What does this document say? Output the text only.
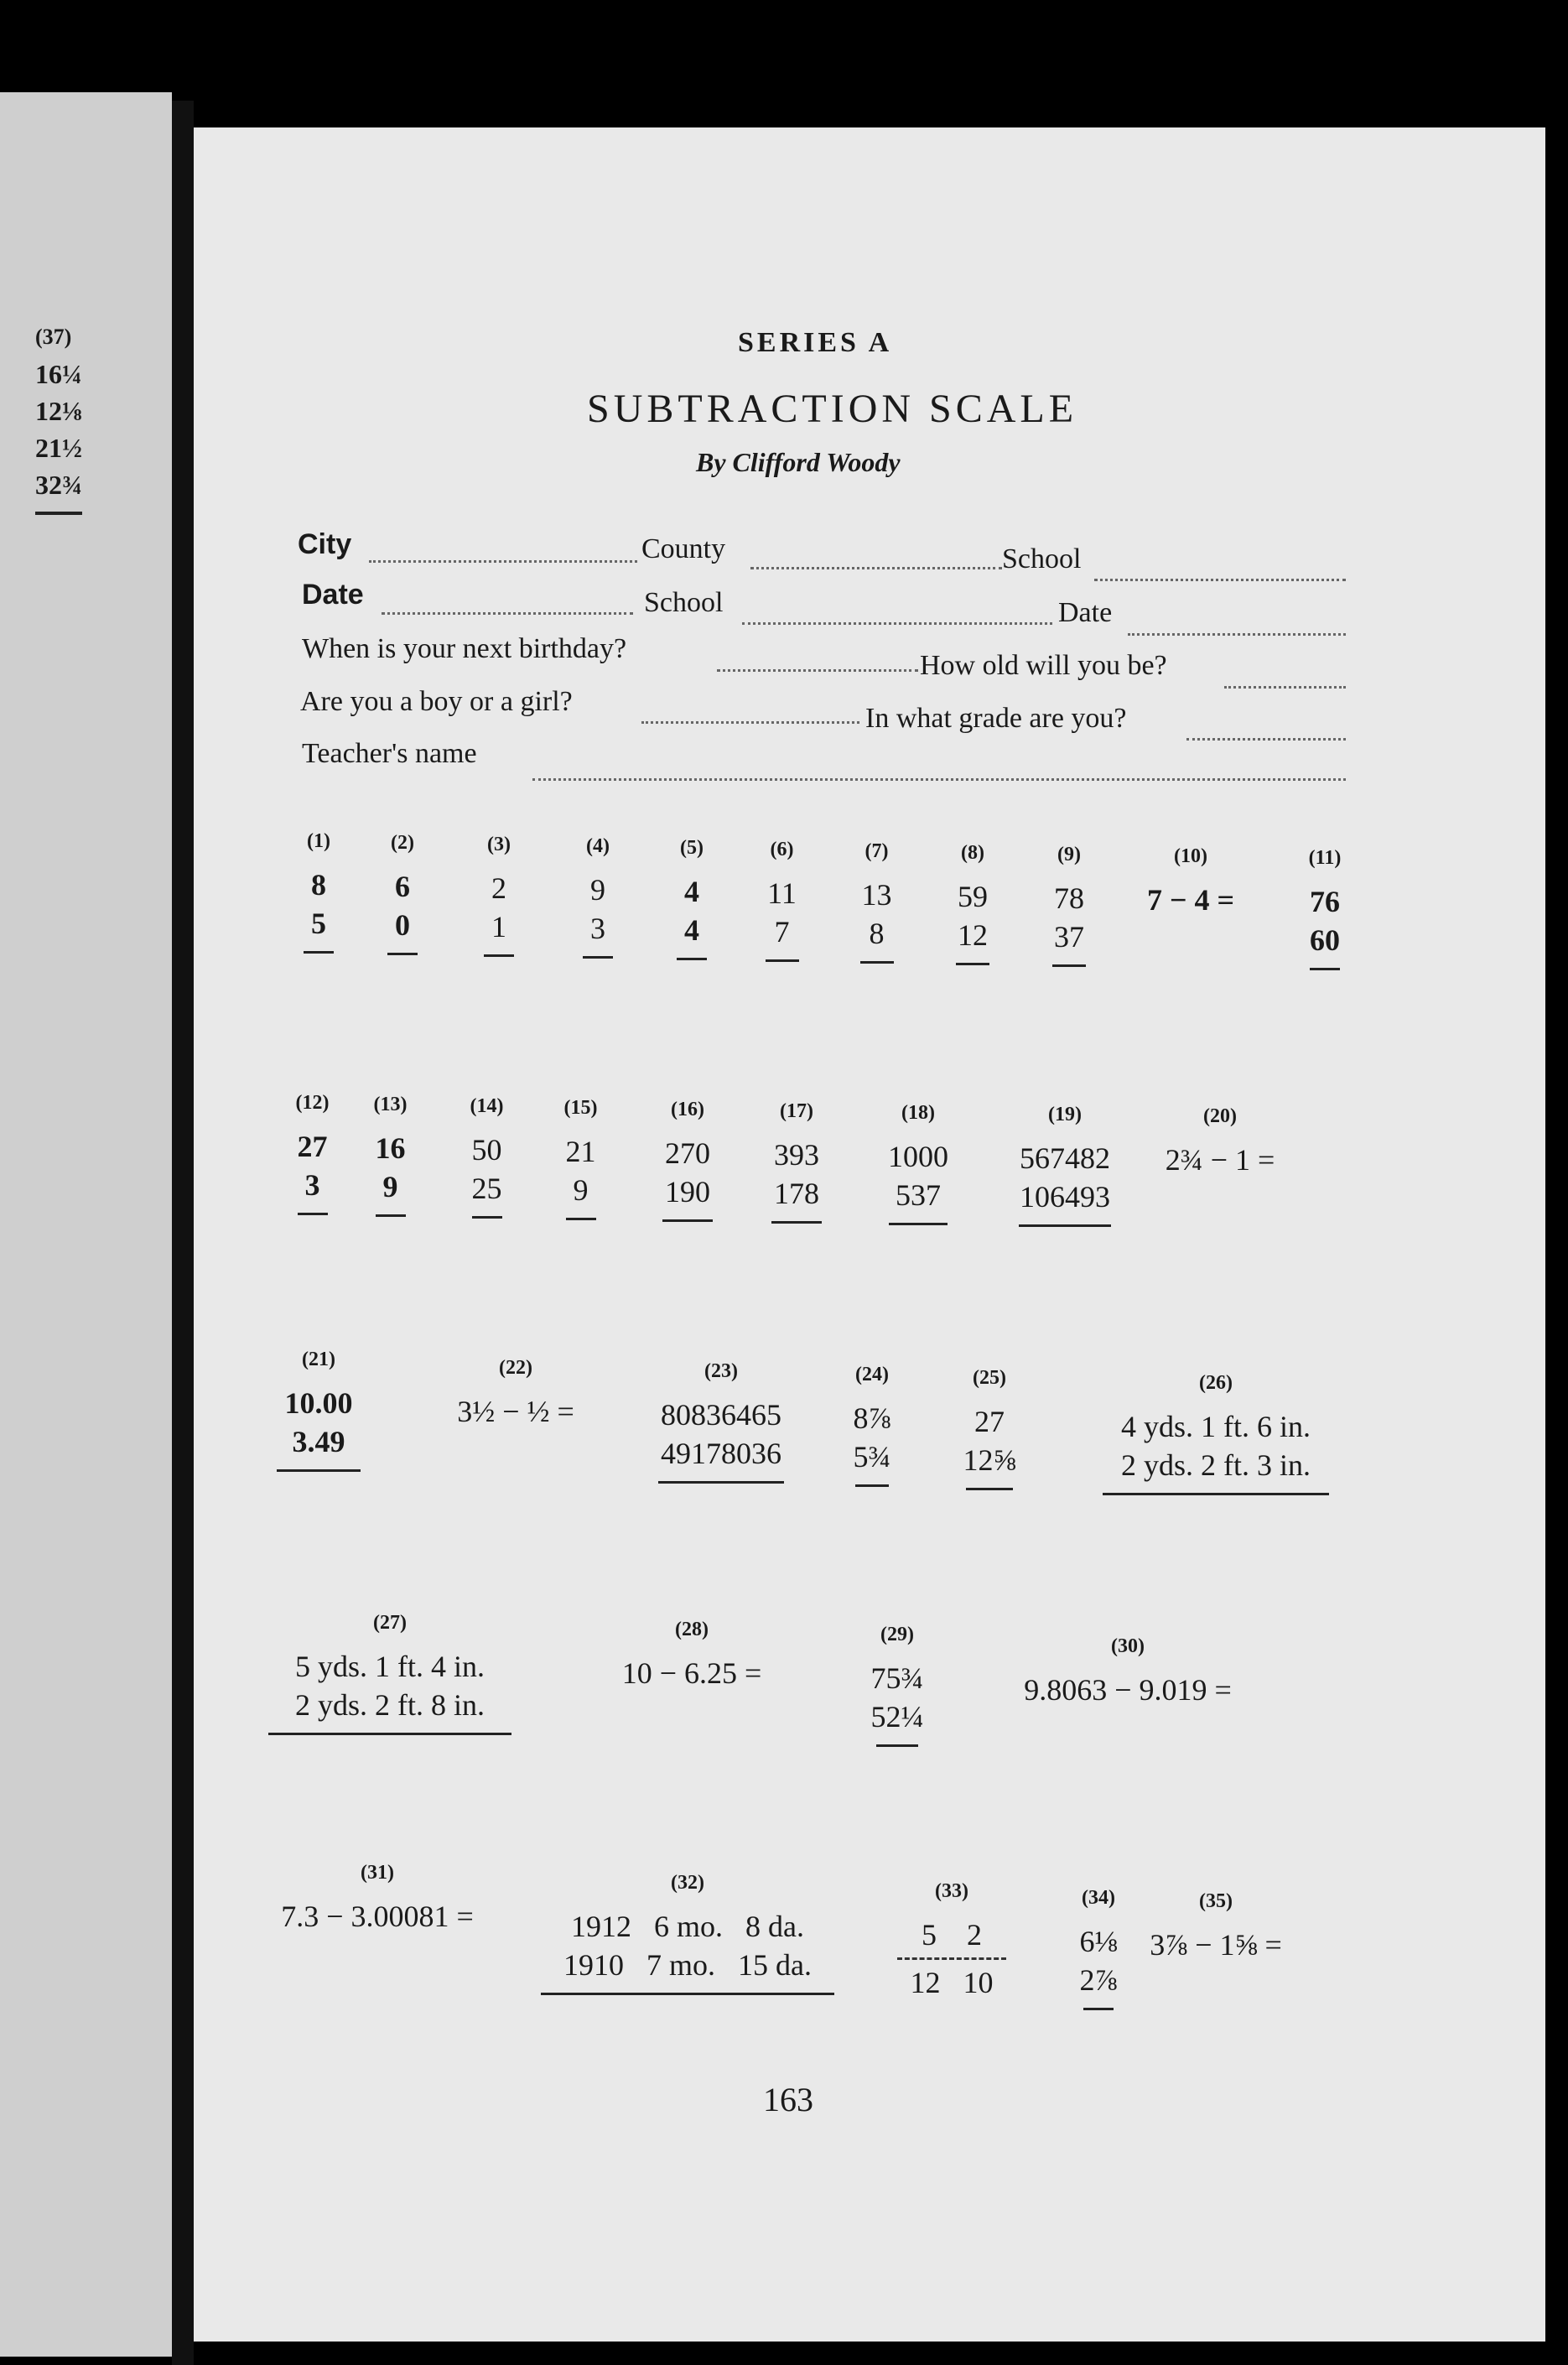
(37)
16¼
12⅛
21½
32¾
SERIES A
SUBTRACTION SCALE
By Clifford Woody
City	County	School
Date	School	Date
When is your next birthday?
How old will you be?
Are you a boy or a girl?
In what grade are you?
Teacher's name
(1)
8
5
(2)
6
0
(3)
2
1
(4)
9
3
(5)
4
4
(6)
11
7
(7)
13
8
(8)
59
12
(9)
78
37
(10)
7 − 4 =
(11)
76
60
(12)
27
3
(13)
16
9
(14)
50
25
(15)
21
9
(16)
270
190
(17)
393
178
(18)
1000
537
(19)
567482
106493
(20)
2¾ − 1 =
(21)
10.00
3.49
(22)
3½ − ½ =
(23)
80836465
49178036
(24)
8⅞
5¾
(25)
27
12⅝
(26)
4 yds. 1 ft. 6 in.
2 yds. 2 ft. 3 in.
(27)
5 yds. 1 ft. 4 in.
2 yds. 2 ft. 8 in.
(28)
10 − 6.25 =
(29)
75¾
52¼
(30)
9.8063 − 9.019 =
(31)
7.3 − 3.00081 =
(32)
1912   6 mo.   8 da.
1910   7 mo.   15 da.
(33)
5    2
12   10
(34)
6⅛
2⅞
(35)
3⅞ − 1⅝ =
163
